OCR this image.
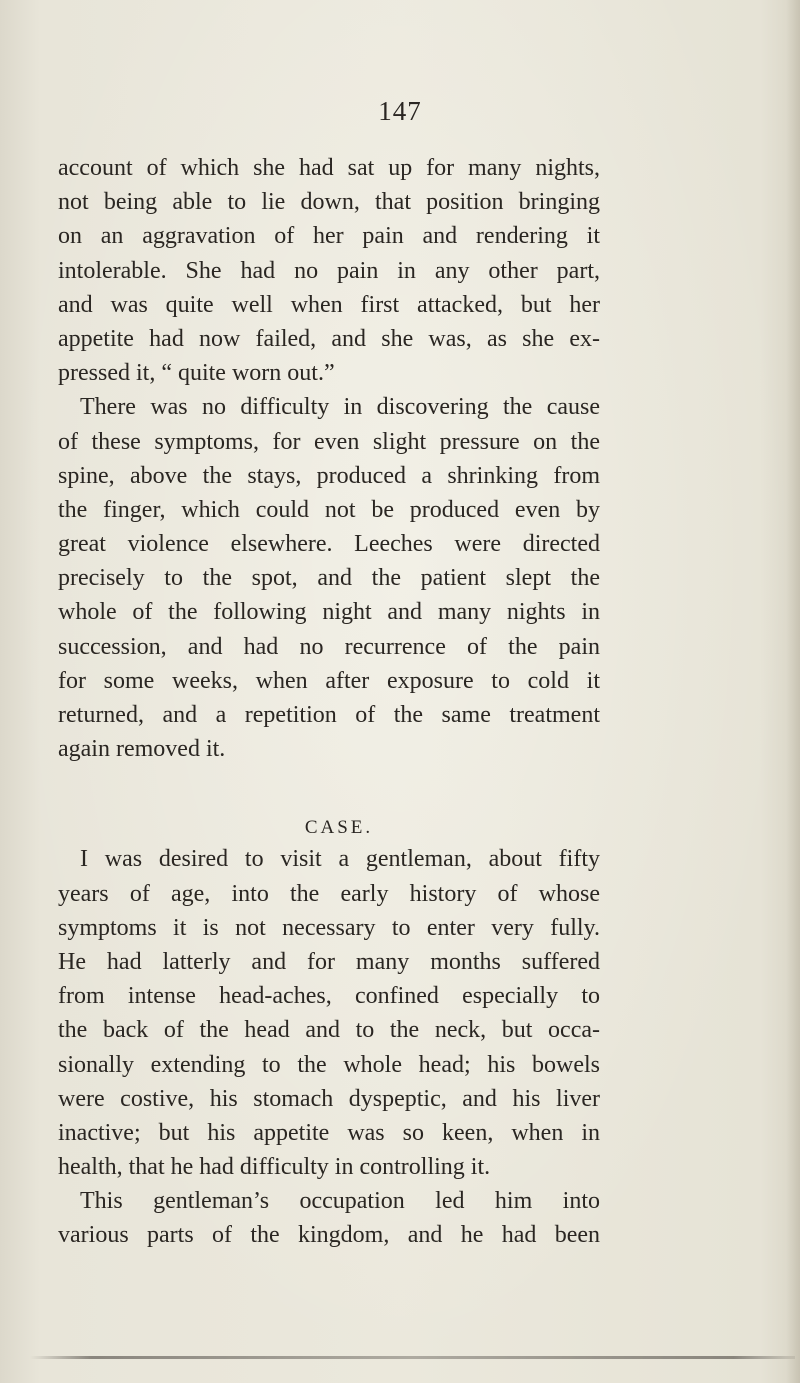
147
account of which she had sat up for many nights,
not being able to lie down, that position bringing
on an aggravation of her pain and rendering it
intolerable. She had no pain in any other part,
and was quite well when first attacked, but her
appetite had now failed, and she was, as she ex-
pressed it, “ quite worn out.”
There was no difficulty in discovering the cause
of these symptoms, for even slight pressure on the
spine, above the stays, produced a shrinking from
the finger, which could not be produced even by
great violence elsewhere. Leeches were directed
precisely to the spot, and the patient slept the
whole of the following night and many nights in
succession, and had no recurrence of the pain
for some weeks, when after exposure to cold it
returned, and a repetition of the same treatment
again removed it.
CASE.
I was desired to visit a gentleman, about fifty
years of age, into the early history of whose
symptoms it is not necessary to enter very fully.
He had latterly and for many months suffered
from intense head-aches, confined especially to
the back of the head and to the neck, but occa-
sionally extending to the whole head; his bowels
were costive, his stomach dyspeptic, and his liver
inactive; but his appetite was so keen, when in
health, that he had difficulty in controlling it.
This gentleman’s occupation led him into
various parts of the kingdom, and he had been
